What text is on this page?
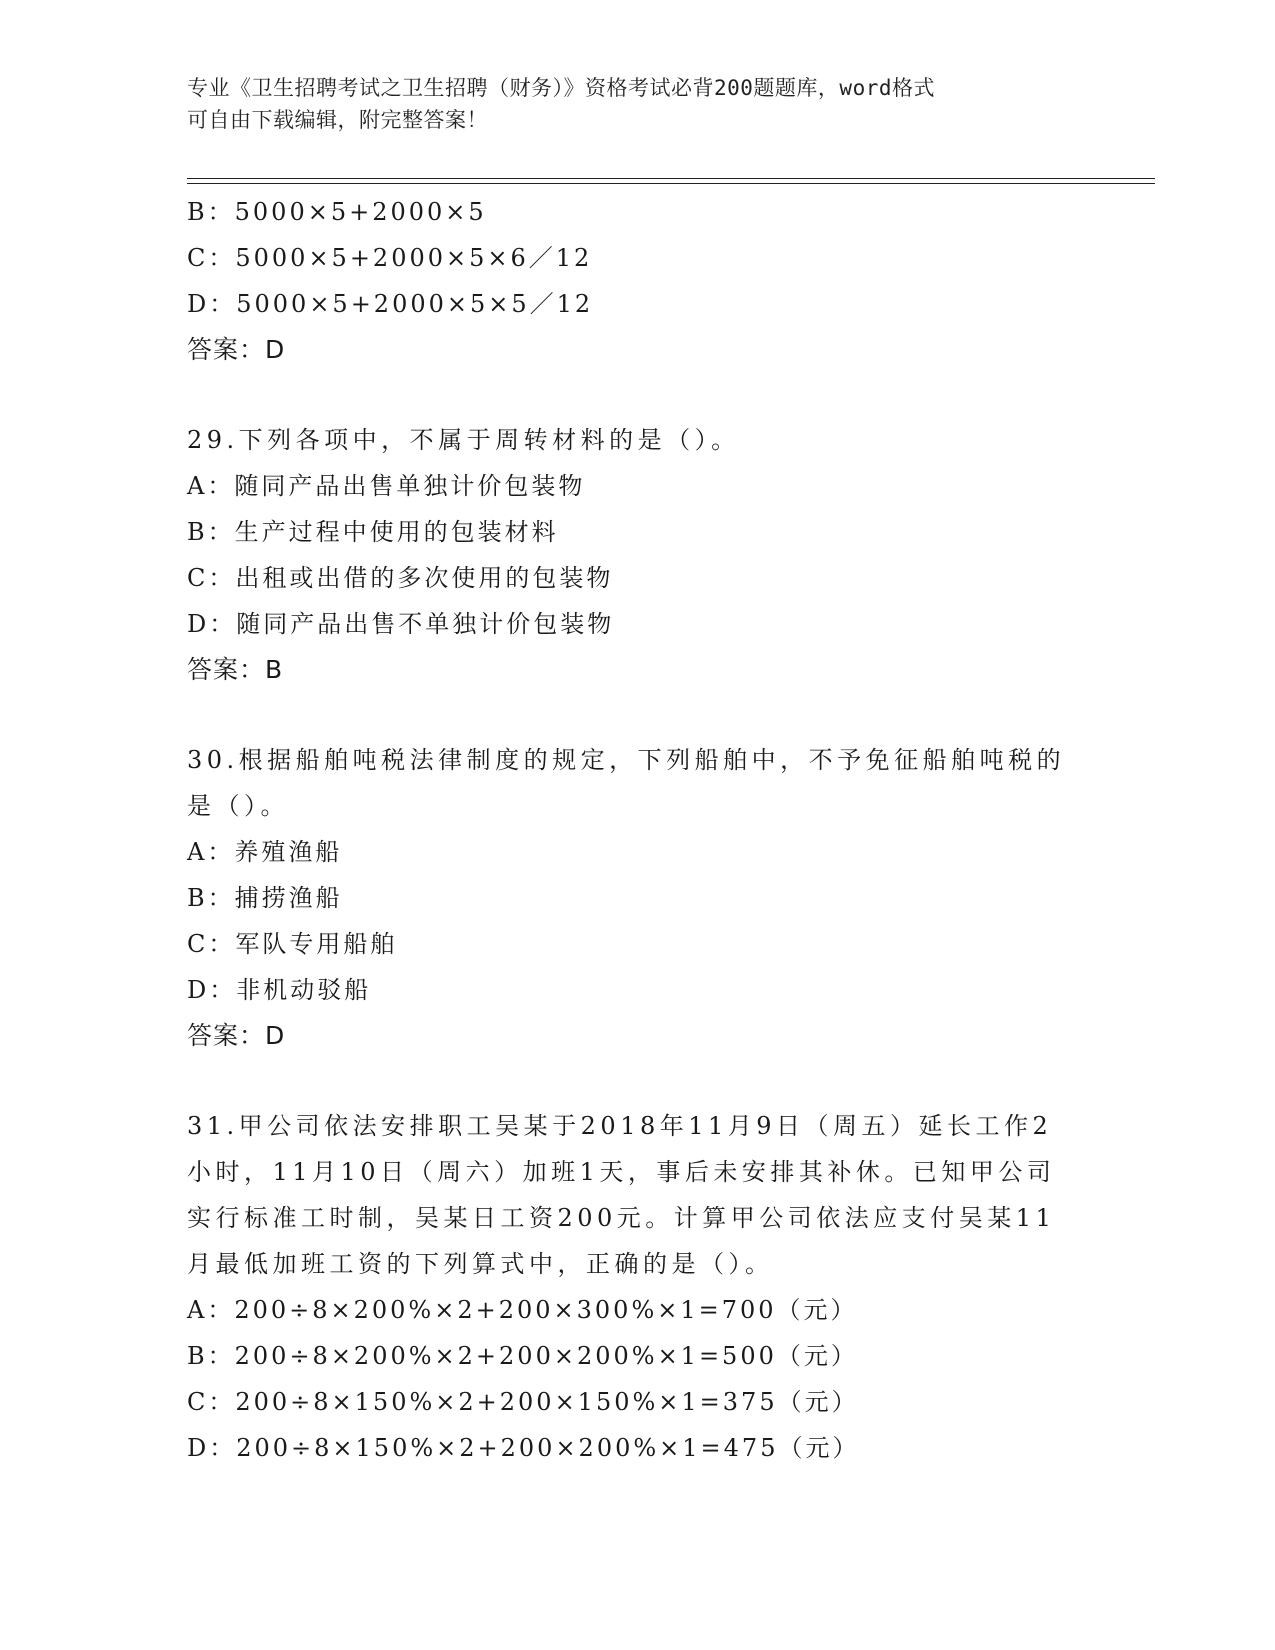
专业《卫生招聘考试之卫生招聘（财务）》资格考试必背200题题库，word格式
可自由下载编辑，附完整答案！
B：5000×5+2000×5
C：5000×5+2000×5×6／12
D：5000×5+2000×5×5／12
答案：D
29.下列各项中，不属于周转材料的是（）。
A：随同产品出售单独计价包装物
B：生产过程中使用的包装材料
C：出租或出借的多次使用的包装物
D：随同产品出售不单独计价包装物
答案：B
30.根据船舶吨税法律制度的规定，下列船舶中，不予免征船舶吨税的
是（）。
A：养殖渔船
B：捕捞渔船
C：军队专用船舶
D：非机动驳船
答案：D
31.甲公司依法安排职工吴某于2018年11月9日（周五）延长工作2
小时，11月10日（周六）加班1天，事后未安排其补休。已知甲公司
实行标准工时制，吴某日工资200元。计算甲公司依法应支付吴某11
月最低加班工资的下列算式中，正确的是（）。
A：200÷8×200%×2+200×300%×1=700（元）
B：200÷8×200%×2+200×200%×1=500（元）
C：200÷8×150%×2+200×150%×1=375（元）
D：200÷8×150%×2+200×200%×1=475（元）
